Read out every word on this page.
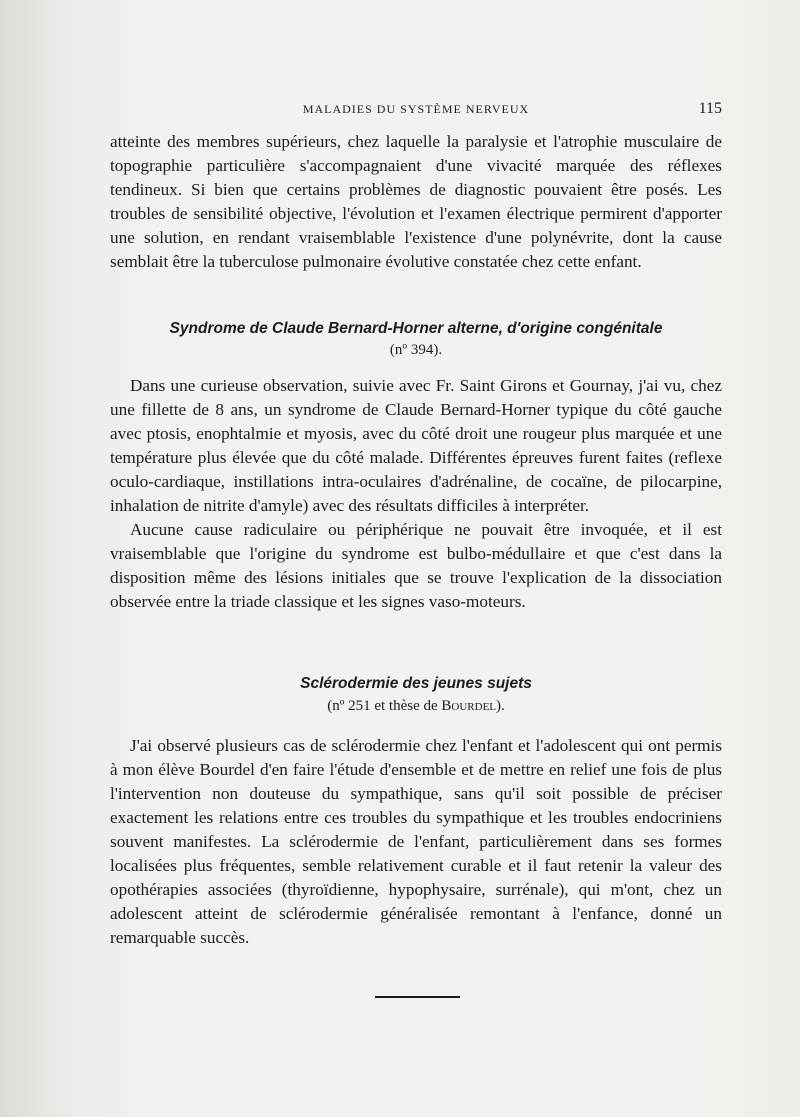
MALADIES DU SYSTÈME NERVEUX	115

atteinte des membres supérieurs, chez laquelle la paralysie et l'atrophie musculaire de topographie particulière s'accompagnaient d'une vivacité marquée des réflexes tendineux. Si bien que certains problèmes de diagnostic pouvaient être posés. Les troubles de sensibilité objective, l'évolution et l'examen électrique permirent d'apporter une solution, en rendant vraisemblable l'existence d'une polynévrite, dont la cause semblait être la tuberculose pulmonaire évolutive constatée chez cette enfant.

Syndrome de Claude Bernard-Horner alterne, d'origine congénitale
(nº 394).

Dans une curieuse observation, suivie avec Fr. Saint Girons et Gournay, j'ai vu, chez une fillette de 8 ans, un syndrome de Claude Bernard-Horner typique du côté gauche avec ptosis, enophtalmie et myosis, avec du côté droit une rougeur plus marquée et une température plus élevée que du côté malade. Différentes épreuves furent faites (reflexe oculo-cardiaque, instillations intra-oculaires d'adrénaline, de cocaïne, de pilocarpine, inhalation de nitrite d'amyle) avec des résultats difficiles à interpréter.

Aucune cause radiculaire ou périphérique ne pouvait être invoquée, et il est vraisemblable que l'origine du syndrome est bulbo-médullaire et que c'est dans la disposition même des lésions initiales que se trouve l'explication de la dissociation observée entre la triade classique et les signes vaso-moteurs.

Sclérodermie des jeunes sujets
(nº 251 et thèse de Bourdel).

J'ai observé plusieurs cas de sclérodermie chez l'enfant et l'adolescent qui ont permis à mon élève Bourdel d'en faire l'étude d'ensemble et de mettre en relief une fois de plus l'intervention non douteuse du sympathique, sans qu'il soit possible de préciser exactement les relations entre ces troubles du sympathique et les troubles endocriniens souvent manifestes. La sclérodermie de l'enfant, particulièrement dans ses formes localisées plus fréquentes, semble relativement curable et il faut retenir la valeur des opothérapies associées (thyroïdienne, hypophysaire, surrénale), qui m'ont, chez un adolescent atteint de sclérodermie généralisée remontant à l'enfance, donné un remarquable succès.
